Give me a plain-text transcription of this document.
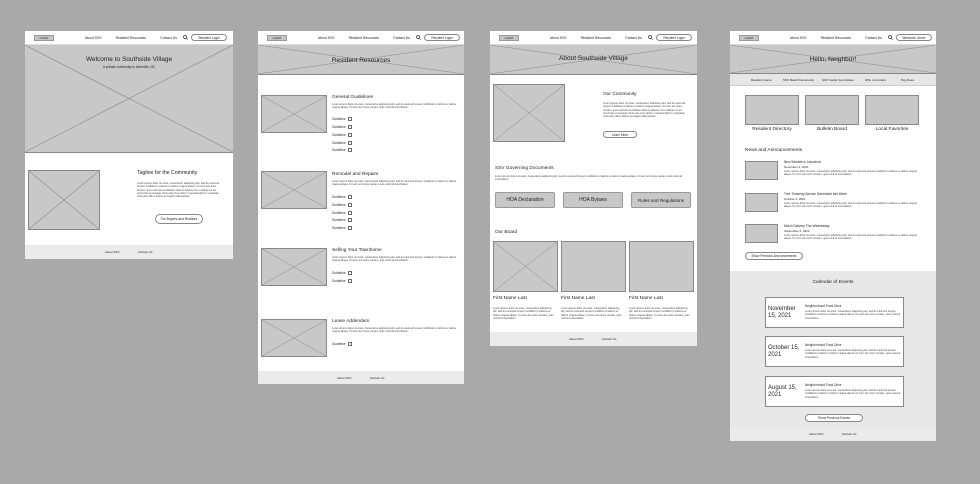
LOGO	About SSV	Resident Resources	Contact Us	Resident Login
Welcome to Southside Village
A private community in Asheville, NC
Tagline for the Community
Lorem ipsum dolor sit amet, consectetur adipiscing elit, sed do eiusmod tempor incididunt ut labore et dolore magna aliqua. Ut enim ad minim veniam, quis nostrud exercitation ullamco laboris nisi ut aliquip ex ea commodo consequat. Duis aute irure dolor in reprehenderit in voluptate velit esse cillum dolore eu fugiat nulla pariatur.
For Buyers and Realtors
About SSV	Contact Us
LOGO	About SSV	Resident Resources	Contact Us	Resident Login
Resident Resources
General Guidelines
Lorem ipsum dolor sit amet, consectetur adipiscing elit, sed do eiusmod tempor incididunt ut labore et dolore magna aliqua. Ut enim ad minim veniam, quis nostrud exercitation.
Guideline
Guideline
Guideline
Guideline
Guideline
Remodel and Repairs
Lorem ipsum dolor sit amet, consectetur adipiscing elit, sed do eiusmod tempor incididunt ut labore et dolore magna aliqua. Ut enim ad minim veniam, quis nostrud exercitation.
Guideline
Guideline
Guideline
Guideline
Guideline
Selling Your Townhome
Lorem ipsum dolor sit amet, consectetur adipiscing elit, sed do eiusmod tempor incididunt ut labore et dolore magna aliqua. Ut enim ad minim veniam, quis nostrud exercitation.
Guideline
Guideline
Lease Addendum
Lorem ipsum dolor sit amet, consectetur adipiscing elit, sed do eiusmod tempor incididunt ut labore et dolore magna aliqua. Ut enim ad minim veniam, quis nostrud exercitation.
Guideline
About SSV	Contact Us
LOGO	About SSV	Resident Resources	Contact Us	Resident Login
About Southside Village
Our Community
Lorem ipsum dolor sit amet, consectetur adipiscing elit, sed do eiusmod tempor incididunt ut labore et dolore magna aliqua. Ut enim ad minim veniam, quis nostrud exercitation ullamco laboris nisi ut aliquip ex ea commodo consequat. Duis aute irure dolor in reprehenderit in voluptate velit esse cillum dolore eu fugiat nulla pariatur.
Learn More
SSV Governing Documents
Lorem ipsum dolor sit amet, consectetur adipiscing elit, sed do eiusmod tempor incididunt ut labore et dolore magna aliqua. Ut enim ad minim veniam, quis nostrud exercitation.
HOA Declaration	HOA Bylaws	Rules and Regulations
Our Board
First Name Last	First Name Last	First Name Last
Lorem ipsum dolor sit amet, consectetur adipiscing elit, sed do eiusmod tempor incididunt ut labore et dolore magna aliqua. Ut enim ad minim veniam, quis nostrud exercitation.
Lorem ipsum dolor sit amet, consectetur adipiscing elit, sed do eiusmod tempor incididunt ut labore et dolore magna aliqua. Ut enim ad minim veniam, quis nostrud exercitation.
Lorem ipsum dolor sit amet, consectetur adipiscing elit, sed do eiusmod tempor incididunt ut labore et dolore magna aliqua. Ut enim ad minim veniam, quis nostrud exercitation.
About SSV	Contact Us
LOGO	About SSV	Resident Resources	Contact Us	Welcome, Anne!
Hello, Neighbor!
Resident Home	SSV Board Documents	SSV Social Committees	Who to Contact	Pay Dues
Resident Directory	Bulletin Board	Local Favorites
News and Announcements
New Website is Launched
November 4, 2021
Lorem ipsum dolor sit amet, consectetur adipiscing elit, sed do eiusmod tempor incididunt ut labore et dolore magna aliqua. Ut enim ad minim veniam, quis nostrud exercitation.
Tree Trimming Service Scheduled this Week
October 4, 2021
Lorem ipsum dolor sit amet, consectetur adipiscing elit, sed do eiusmod tempor incididunt ut labore et dolore magna aliqua. Ut enim ad minim veniam, quis nostrud exercitation.
Mulch Delivery This Wednesday
September 6, 2021
Lorem ipsum dolor sit amet, consectetur adipiscing elit, sed do eiusmod tempor incididunt ut labore et dolore magna aliqua. Ut enim ad minim veniam, quis nostrud exercitation.
Show Previous Announcements
Calendar of Events
November 15, 2021
Neighborhood Food Drive
Lorem ipsum dolor sit amet, consectetur adipiscing elit, sed do eiusmod tempor incididunt ut labore et dolore magna aliqua. Ut enim ad minim veniam, quis nostrud exercitation.
October 15, 2021
Neighborhood Food Drive
Lorem ipsum dolor sit amet, consectetur adipiscing elit, sed do eiusmod tempor incididunt ut labore et dolore magna aliqua. Ut enim ad minim veniam, quis nostrud exercitation.
August 15, 2021
Neighborhood Food Drive
Lorem ipsum dolor sit amet, consectetur adipiscing elit, sed do eiusmod tempor incididunt ut labore et dolore magna aliqua. Ut enim ad minim veniam, quis nostrud exercitation.
Show Previous Events
About SSV	Contact Us
